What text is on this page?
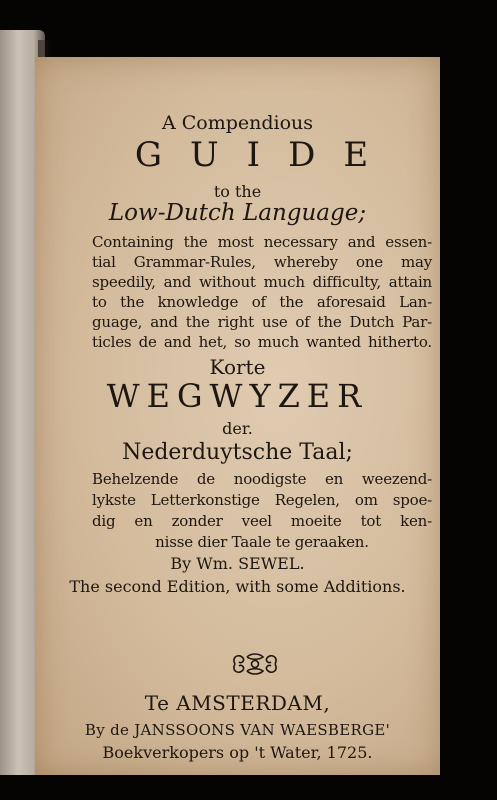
A Compendious
GUIDE
to the
Low-Dutch Language;
Containing the most necessary and essen-
tial Grammar-Rules, whereby one may
speedily, and without much difficulty, attain
to the knowledge of the aforesaid Lan-
guage, and the right use of the Dutch Par-
ticles de and het, so much wanted hitherto.
Korte
WEGWYZER
der.
Nederduytsche Taal;
Behelzende de noodigste en weezend-
lykste Letterkonstige Regelen, om spoe-
dig en zonder veel moeite tot ken-
nisse dier Taale te geraaken.
By Wm. SEWEL.
The second Edition, with some Additions.
Te AMSTERDAM,
By de JANSSOONS VAN WAESBERGE'
Boekverkopers op 't Water, 1725.
